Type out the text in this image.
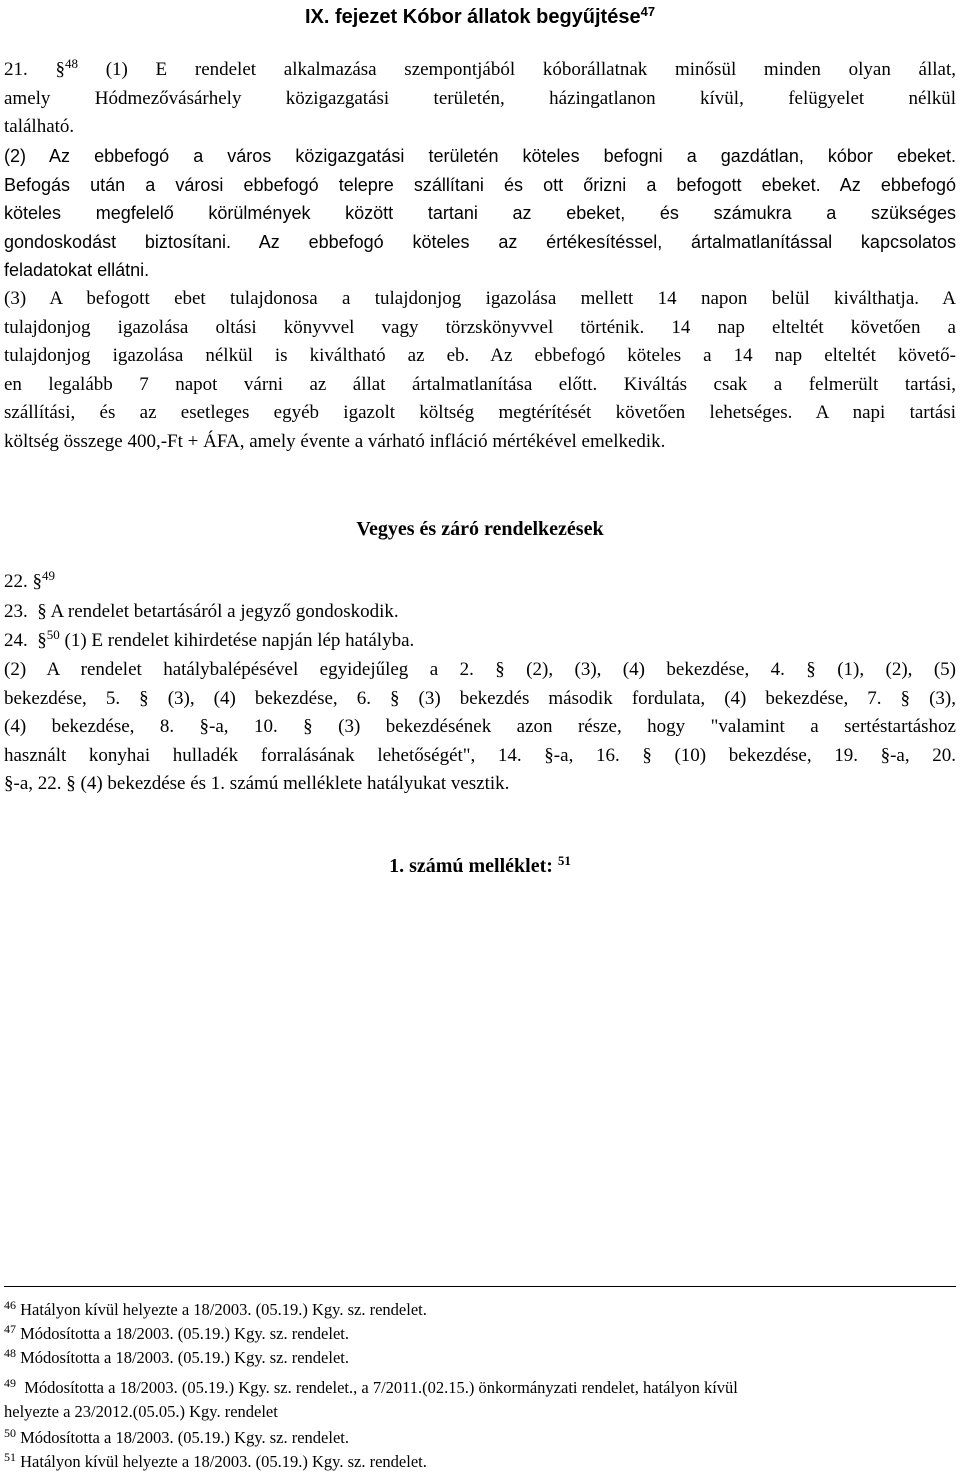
IX. fejezet Kóbor állatok begyűjtése$^{47}$
21. §$^{48}$ (1) E rendelet alkalmazása szempontjából kóborállatnak minősül minden olyan állat,
amely Hódmezővásárhely közigazgatási területén, házingatlanon kívül, felügyelet nélkül
található.
(2) Az ebbefogó a város közigazgatási területén köteles befogni a gazdátlan, kóbor ebeket.
Befogás után a városi ebbefogó telepre szállítani és ott őrizni a befogott ebeket. Az ebbefogó
köteles megfelelő körülmények között tartani az ebeket, és számukra a szükséges
gondoskodást biztosítani. Az ebbefogó köteles az értékesítéssel, ártalmatlanítással kapcsolatos
feladatokat ellátni.
(3) A befogott ebet tulajdonosa a tulajdonjog igazolása mellett 14 napon belül kiválthatja. A
tulajdonjog igazolása oltási könyvvel vagy törzskönyvvel történik. 14 nap elteltét követően a
tulajdonjog igazolása nélkül is kiváltható az eb. Az ebbefogó köteles a 14 nap elteltét követő-
en legalább 7 napot várni az állat ártalmatlanítása előtt. Kiváltás csak a felmerült tartási,
szállítási, és az esetleges egyéb igazolt költség megtérítését követően lehetséges. A napi tartási
költség összege 400,-Ft + ÁFA, amely évente a várható infláció mértékével emelkedik.
Vegyes és záró rendelkezések
22. §$^{49}$
23. § A rendelet betartásáról a jegyző gondoskodik.
24. §$^{50}$ (1) E rendelet kihirdetése napján lép hatályba.
(2) A rendelet hatálybalépésével egyidejűleg a 2. § (2), (3), (4) bekezdése, 4. § (1), (2), (5)
bekezdése, 5. § (3), (4) bekezdése, 6. § (3) bekezdés második fordulata, (4) bekezdése, 7. § (3),
(4) bekezdése, 8. §-a, 10. § (3) bekezdésének azon része, hogy "valamint a sertéstartáshoz
használt konyhai hulladék forralásának lehetőségét", 14. §-a, 16. § (10) bekezdése, 19. §-a, 20.
§-a, 22. § (4) bekezdése és 1. számú melléklete hatályukat vesztik.
1. számú melléklet: $^{51}$
$^{46}$ Hatályon kívül helyezte a 18/2003. (05.19.) Kgy. sz. rendelet.
$^{47}$ Módosította a 18/2003. (05.19.) Kgy. sz. rendelet.
$^{48}$ Módosította a 18/2003. (05.19.) Kgy. sz. rendelet.
$^{49}$ Módosította a 18/2003. (05.19.) Kgy. sz. rendelet., a 7/2011.(02.15.) önkormányzati rendelet, hatályon kívül
helyezte a 23/2012.(05.05.) Kgy. rendelet
$^{50}$ Módosította a 18/2003. (05.19.) Kgy. sz. rendelet.
$^{51}$ Hatályon kívül helyezte a 18/2003. (05.19.) Kgy. sz. rendelet.
